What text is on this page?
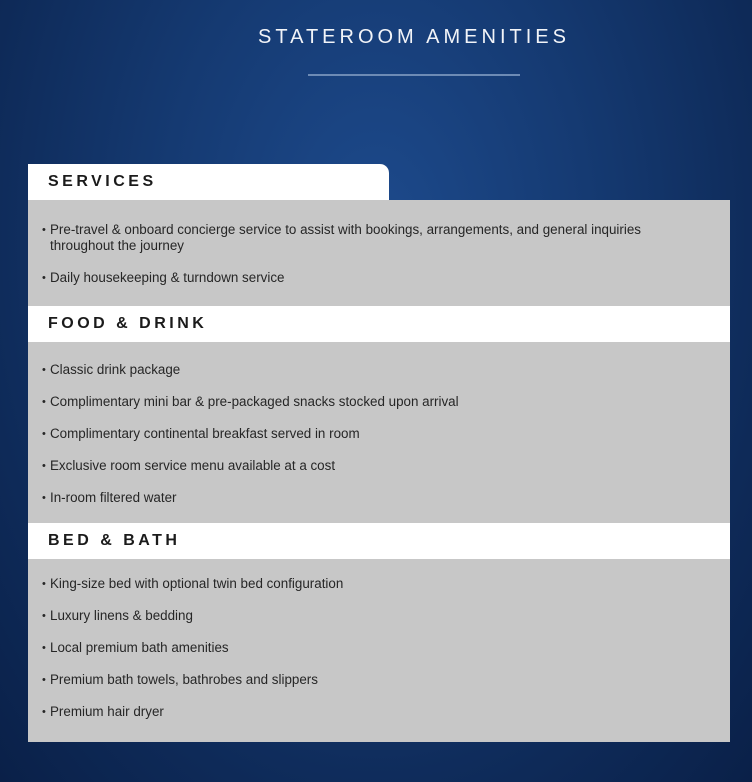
STATEROOM AMENITIES
SERVICES
• Pre-travel & onboard concierge service to assist with bookings, arrangements, and general inquiries throughout the journey
• Daily housekeeping & turndown service
FOOD & DRINK
• Classic drink package
• Complimentary mini bar & pre-packaged snacks stocked upon arrival
• Complimentary continental breakfast served in room
• Exclusive room service menu available at a cost
• In-room filtered water
BED & BATH
• King-size bed with optional twin bed configuration
• Luxury linens & bedding
• Local premium bath amenities
• Premium bath towels, bathrobes and slippers
• Premium hair dryer
